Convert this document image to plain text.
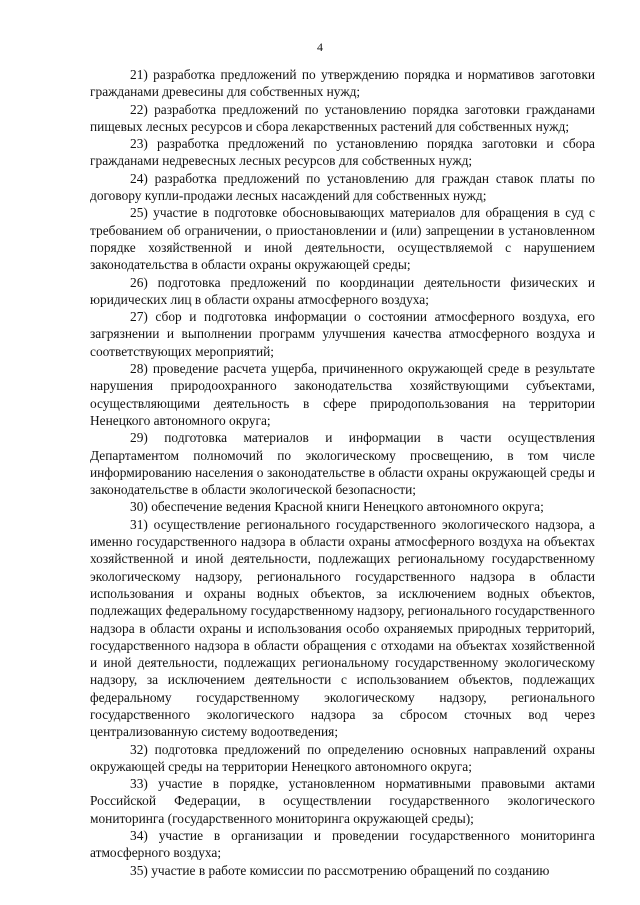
4

21) разработка предложений по утверждению порядка и нормативов заготовки гражданами древесины для собственных нужд;

22) разработка предложений по установлению порядка заготовки гражданами пищевых лесных ресурсов и сбора лекарственных растений для собственных нужд;

23) разработка предложений по установлению порядка заготовки и сбора гражданами недревесных лесных ресурсов для собственных нужд;

24) разработка предложений по установлению для граждан ставок платы по договору купли-продажи лесных насаждений для собственных нужд;

25) участие в подготовке обосновывающих материалов для обращения в суд с требованием об ограничении, о приостановлении и (или) запрещении в установленном порядке хозяйственной и иной деятельности, осуществляемой с нарушением законодательства в области охраны окружающей среды;

26) подготовка предложений по координации деятельности физических и юридических лиц в области охраны атмосферного воздуха;

27) сбор и подготовка информации о состоянии атмосферного воздуха, его загрязнении и выполнении программ улучшения качества атмосферного воздуха и соответствующих мероприятий;

28) проведение расчета ущерба, причиненного окружающей среде в результате нарушения природоохранного законодательства хозяйствующими субъектами, осуществляющими деятельность в сфере природопользования на территории Ненецкого автономного округа;

29) подготовка материалов и информации в части осуществления Департаментом полномочий по экологическому просвещению, в том числе информированию населения о законодательстве в области охраны окружающей среды и законодательстве в области экологической безопасности;

30) обеспечение ведения Красной книги Ненецкого автономного округа;

31) осуществление регионального государственного экологического надзора, а именно государственного надзора в области охраны атмосферного воздуха на объектах хозяйственной и иной деятельности, подлежащих региональному государственному экологическому надзору, регионального государственного надзора в области использования и охраны водных объектов, за исключением водных объектов, подлежащих федеральному государственному надзору, регионального государственного надзора в области охраны и использования особо охраняемых природных территорий, государственного надзора в области обращения с отходами на объектах хозяйственной и иной деятельности, подлежащих региональному государственному экологическому надзору, за исключением деятельности с использованием объектов, подлежащих федеральному государственному экологическому надзору, регионального государственного экологического надзора за сбросом сточных вод через централизованную систему водоотведения;

32) подготовка предложений по определению основных направлений охраны окружающей среды на территории Ненецкого автономного округа;

33) участие в порядке, установленном нормативными правовыми актами Российской Федерации, в осуществлении государственного экологического мониторинга (государственного мониторинга окружающей среды);

34) участие в организации и проведении государственного мониторинга атмосферного воздуха;

35) участие в работе комиссии по рассмотрению обращений по созданию
